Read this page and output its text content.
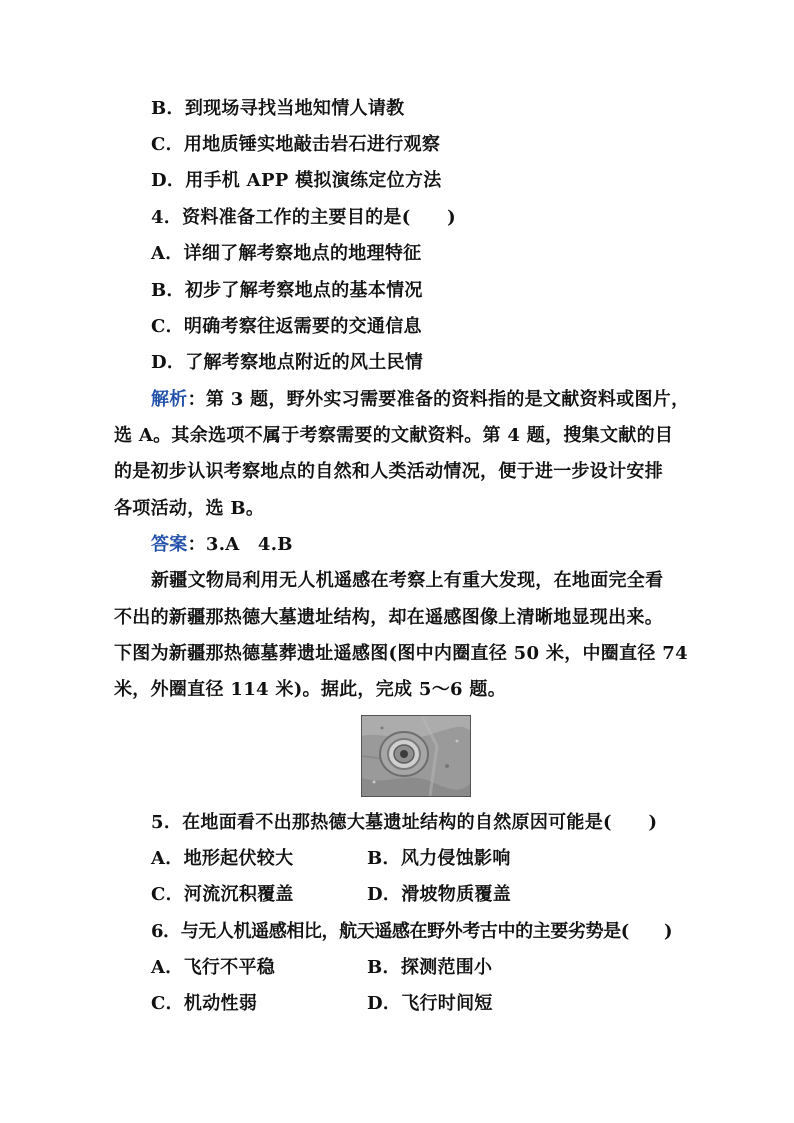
B．到现场寻找当地知情人请教
C．用地质锤实地敲击岩石进行观察
D．用手机 APP 模拟演练定位方法
4．资料准备工作的主要目的是(　　)
A．详细了解考察地点的地理特征
B．初步了解考察地点的基本情况
C．明确考察往返需要的交通信息
D．了解考察地点附近的风土民情
解析：第 3 题，野外实习需要准备的资料指的是文献资料或图片，
选 A。其余选项不属于考察需要的文献资料。第 4 题，搜集文献的目
的是初步认识考察地点的自然和人类活动情况，便于进一步设计安排
各项活动，选 B。
答案：3.A　4.B
新疆文物局利用无人机遥感在考察上有重大发现，在地面完全看
不出的新疆那热德大墓遗址结构，却在遥感图像上清晰地显现出来。
下图为新疆那热德墓葬遗址遥感图(图中内圈直径 50 米，中圈直径 74
米，外圈直径 114 米)。据此，完成 5～6 题。
5．在地面看不出那热德大墓遗址结构的自然原因可能是(　　)
A．地形起伏较大	B．风力侵蚀影响
C．河流沉积覆盖	D．滑坡物质覆盖
6．与无人机遥感相比，航天遥感在野外考古中的主要劣势是(　　)
A．飞行不平稳	B．探测范围小
C．机动性弱	D．飞行时间短
